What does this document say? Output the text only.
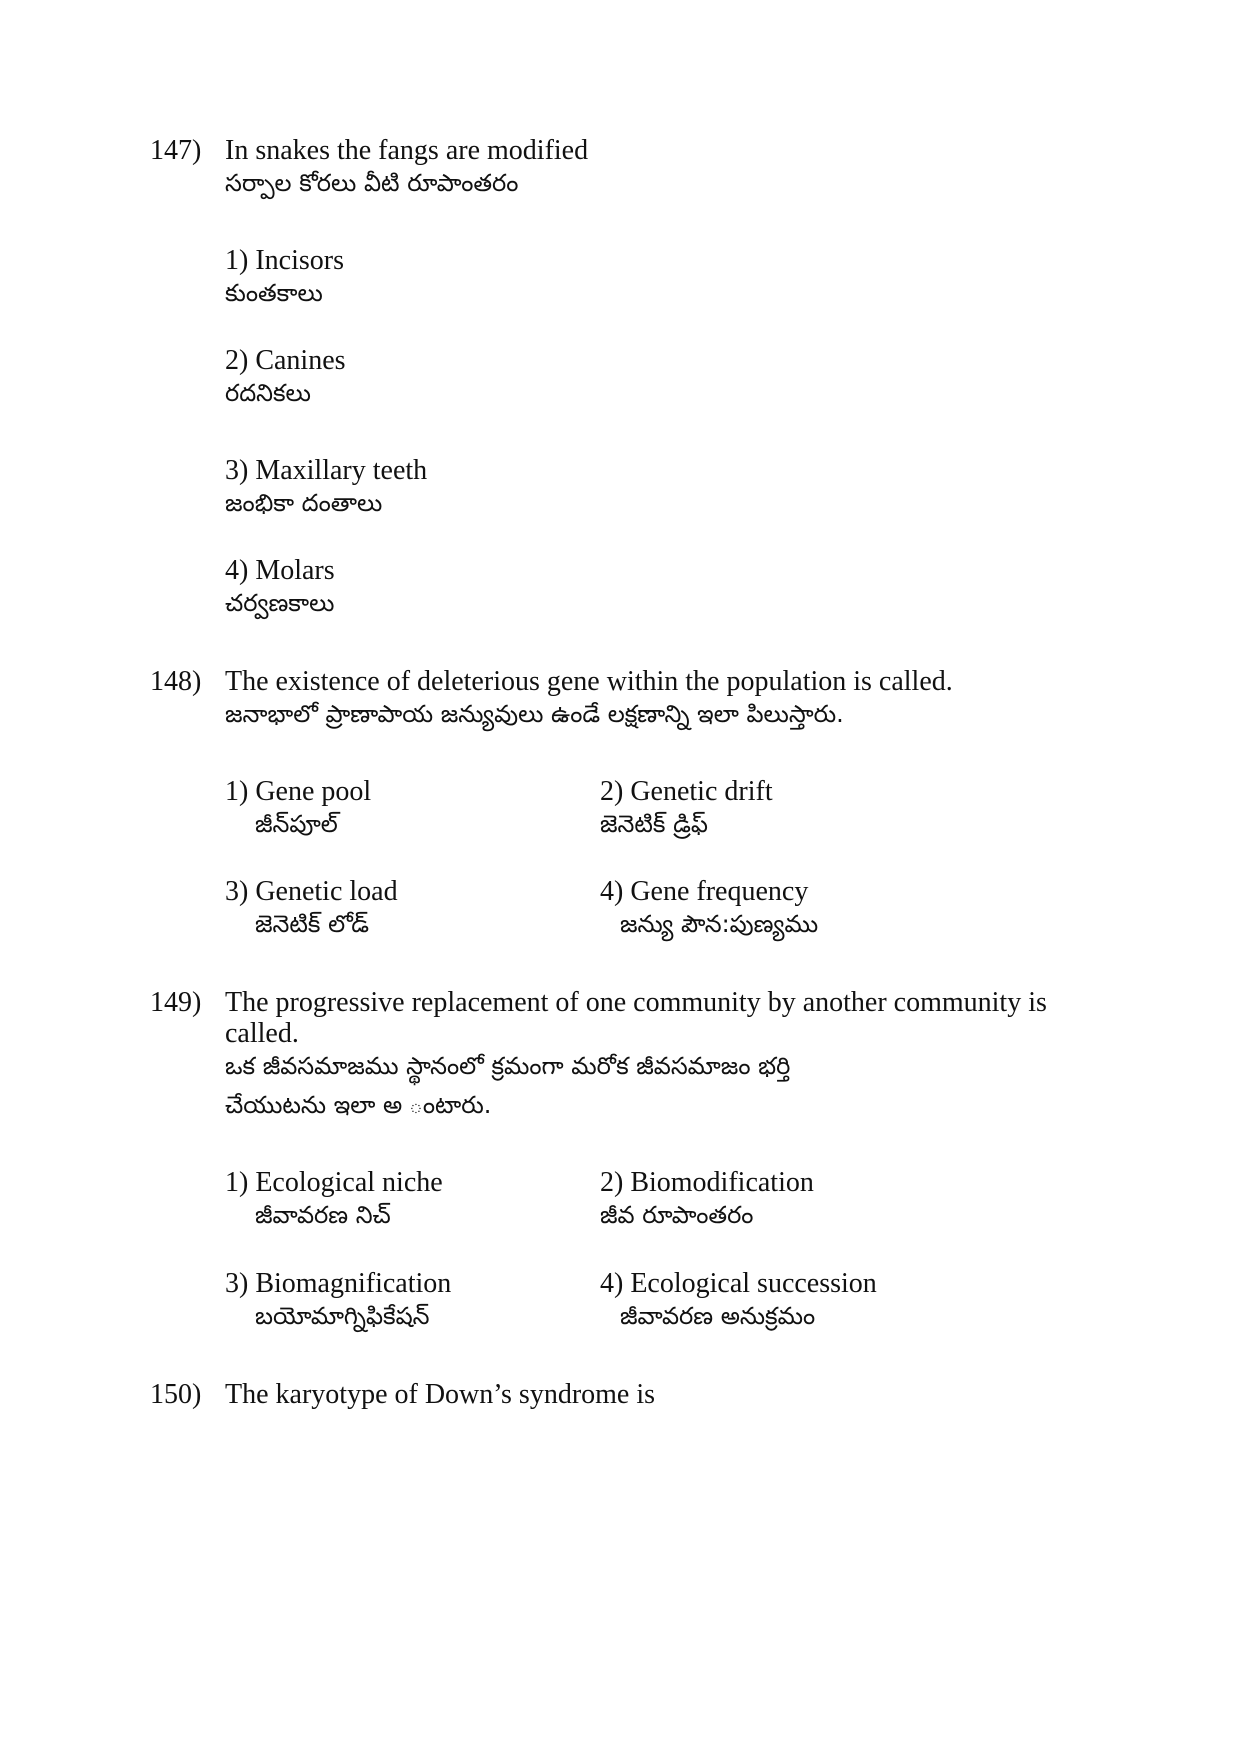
147) In snakes the fangs are modified
సర్పాల కోరలు వీటి రూపాంతరం
1) Incisors
కుంతకాలు
2) Canines
రదనికలు
3) Maxillary teeth
జంభికా దంతాలు
4) Molars
చర్వణకాలు
148) The existence of deleterious gene within the population is called.
జనాభాలో ప్రాణాపాయ జన్యువులు ఉండే లక్షణాన్ని ఇలా పిలుస్తారు.
1) Gene pool
జీన్‌పూల్
2) Genetic drift
జెనెటిక్ డ్రిఫ్
3) Genetic load
జెనెటిక్ లోడ్
4) Gene frequency
జన్యు పౌన:పుణ్యము
149) The progressive replacement of one community by another community is
called.
ఒక జీవసమాజము స్థానంలో క్రమంగా మరోక జీవసమాజం భర్తి
చేయుటను ఇలా అ ంటారు.
1) Ecological niche
జీవావరణ నిచ్
2) Biomodification
జీవ రూపాంతరం
3) Biomagnification
బయోమాగ్నిఫికేషన్
4) Ecological succession
జీవావరణ అనుక్రమం
150) The karyotype of Down’s syndrome is
